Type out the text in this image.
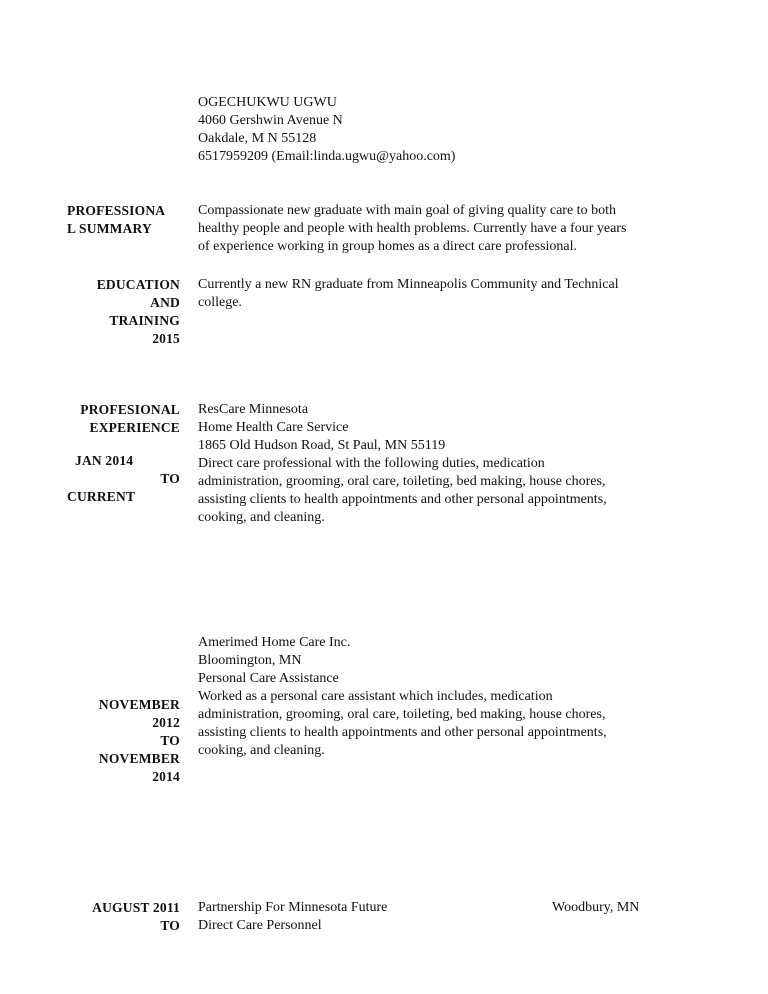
OGECHUKWU UGWU
4060 Gershwin Avenue N
Oakdale, M N 55128
6517959209 (Email:linda.ugwu@yahoo.com)
PROFESSIONA
L SUMMARY
Compassionate new graduate with main goal of giving quality care to both
healthy people and people with health problems. Currently have a four years
of experience working in group homes as a direct care professional.
EDUCATION
AND
TRAINING
2015
Currently a new RN graduate from Minneapolis Community and Technical
college.
PROFESIONAL
EXPERIENCE
JAN 2014
TO
CURRENT
ResCare Minnesota
Home Health Care Service
1865 Old Hudson Road, St Paul, MN 55119
Direct care professional with the following duties, medication
administration, grooming, oral care, toileting, bed making, house chores,
assisting clients to health appointments and other personal appointments,
cooking, and cleaning.
NOVEMBER
2012
TO
NOVEMBER
2014
Amerimed Home Care Inc.
Bloomington, MN
Personal Care Assistance
Worked as a personal care assistant which includes, medication
administration, grooming, oral care, toileting, bed making, house chores,
assisting clients to health appointments and other personal appointments,
cooking, and cleaning.
AUGUST 2011
TO
Partnership For Minnesota Future	Woodbury, MN
Direct Care Personnel
